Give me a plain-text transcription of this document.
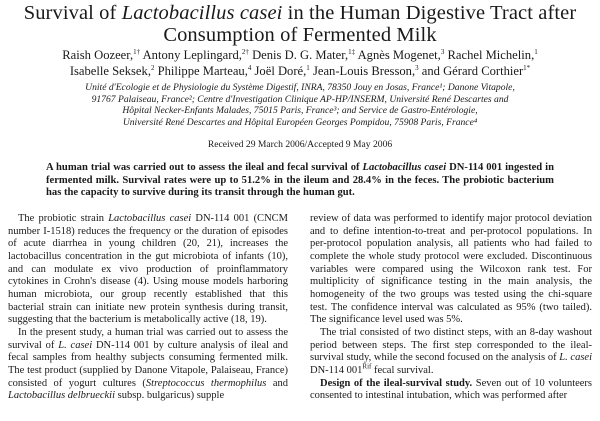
Survival of Lactobacillus casei in the Human Digestive Tract after
Consumption of Fermented Milk
Raish Oozeer,$^{1\dagger}$ Antony Leplingard,$^{2\dagger}$ Denis D. G. Mater,$^{1\ddagger}$ Agnès Mogenet,$^3$ Rachel Michelin,$^1$
Isabelle Seksek,$^2$ Philippe Marteau,$^4$ Joël Doré,$^1$ Jean-Louis Bresson,$^3$ and Gérard Corthier$^{1*}$
Unité d'Ecologie et de Physiologie du Système Digestif, INRA, 78350 Jouy en Josas, France¹; Danone Vitapole,
91767 Palaiseau, France²; Centre d'Investigation Clinique AP-HP/INSERM, Université René Descartes and
Hôpital Necker-Enfants Malades, 75015 Paris, France³; and Service de Gastro-Entérologie,
Université René Descartes and Hôpital Européen Georges Pompidou, 75908 Paris, France⁴
Received 29 March 2006/Accepted 9 May 2006
A human trial was carried out to assess the ileal and fecal survival of Lactobacillus casei DN-114 001 ingested in fermented milk. Survival rates were up to 51.2% in the ileum and 28.4% in the feces. The probiotic bacterium has the capacity to survive during its transit through the human gut.

The probiotic strain Lactobacillus casei DN-114 001 (CNCM number I-1518) reduces the frequency or the duration of episodes of acute diarrhea in young children (20, 21), increases the lactobacillus concentration in the gut microbiota of infants (10), and can modulate ex vivo production of proinflammatory cytokines in Crohn's disease (4). Using mouse models harboring human microbiota, our group recently established that this bacterial strain can initiate new protein synthesis during transit, suggesting that the bacterium is metabolically active (18, 19).

In the present study, a human trial was carried out to assess the survival of L. casei DN-114 001 by culture analysis of ileal and fecal samples from healthy subjects consuming fermented milk. The test product (supplied by Danone Vitapole, Palaiseau, France) consisted of yogurt cultures (Streptococcus thermophilus and Lactobacillus delbrueckii subsp. bulgaricus) supple

review of data was performed to identify major protocol deviation and to define intention-to-treat and per-protocol populations. In per-protocol population analysis, all patients who had failed to complete the whole study protocol were excluded. Discontinuous variables were compared using the Wilcoxon rank test. For multiplicity of significance testing in the main analysis, the homogeneity of the two groups was tested using the chi-square test. The confidence interval was calculated as 95% (two tailed). The significance level used was 5%.

The trial consisted of two distinct steps, with an 8-day washout period between steps. The first step corresponded to the ileal-survival study, while the second focused on the analysis of L. casei DN-114 $001^{Rif}$ fecal survival.

Design of the ileal-survival study. Seven out of 10 volunteers consented to intestinal intubation, which was performed after
